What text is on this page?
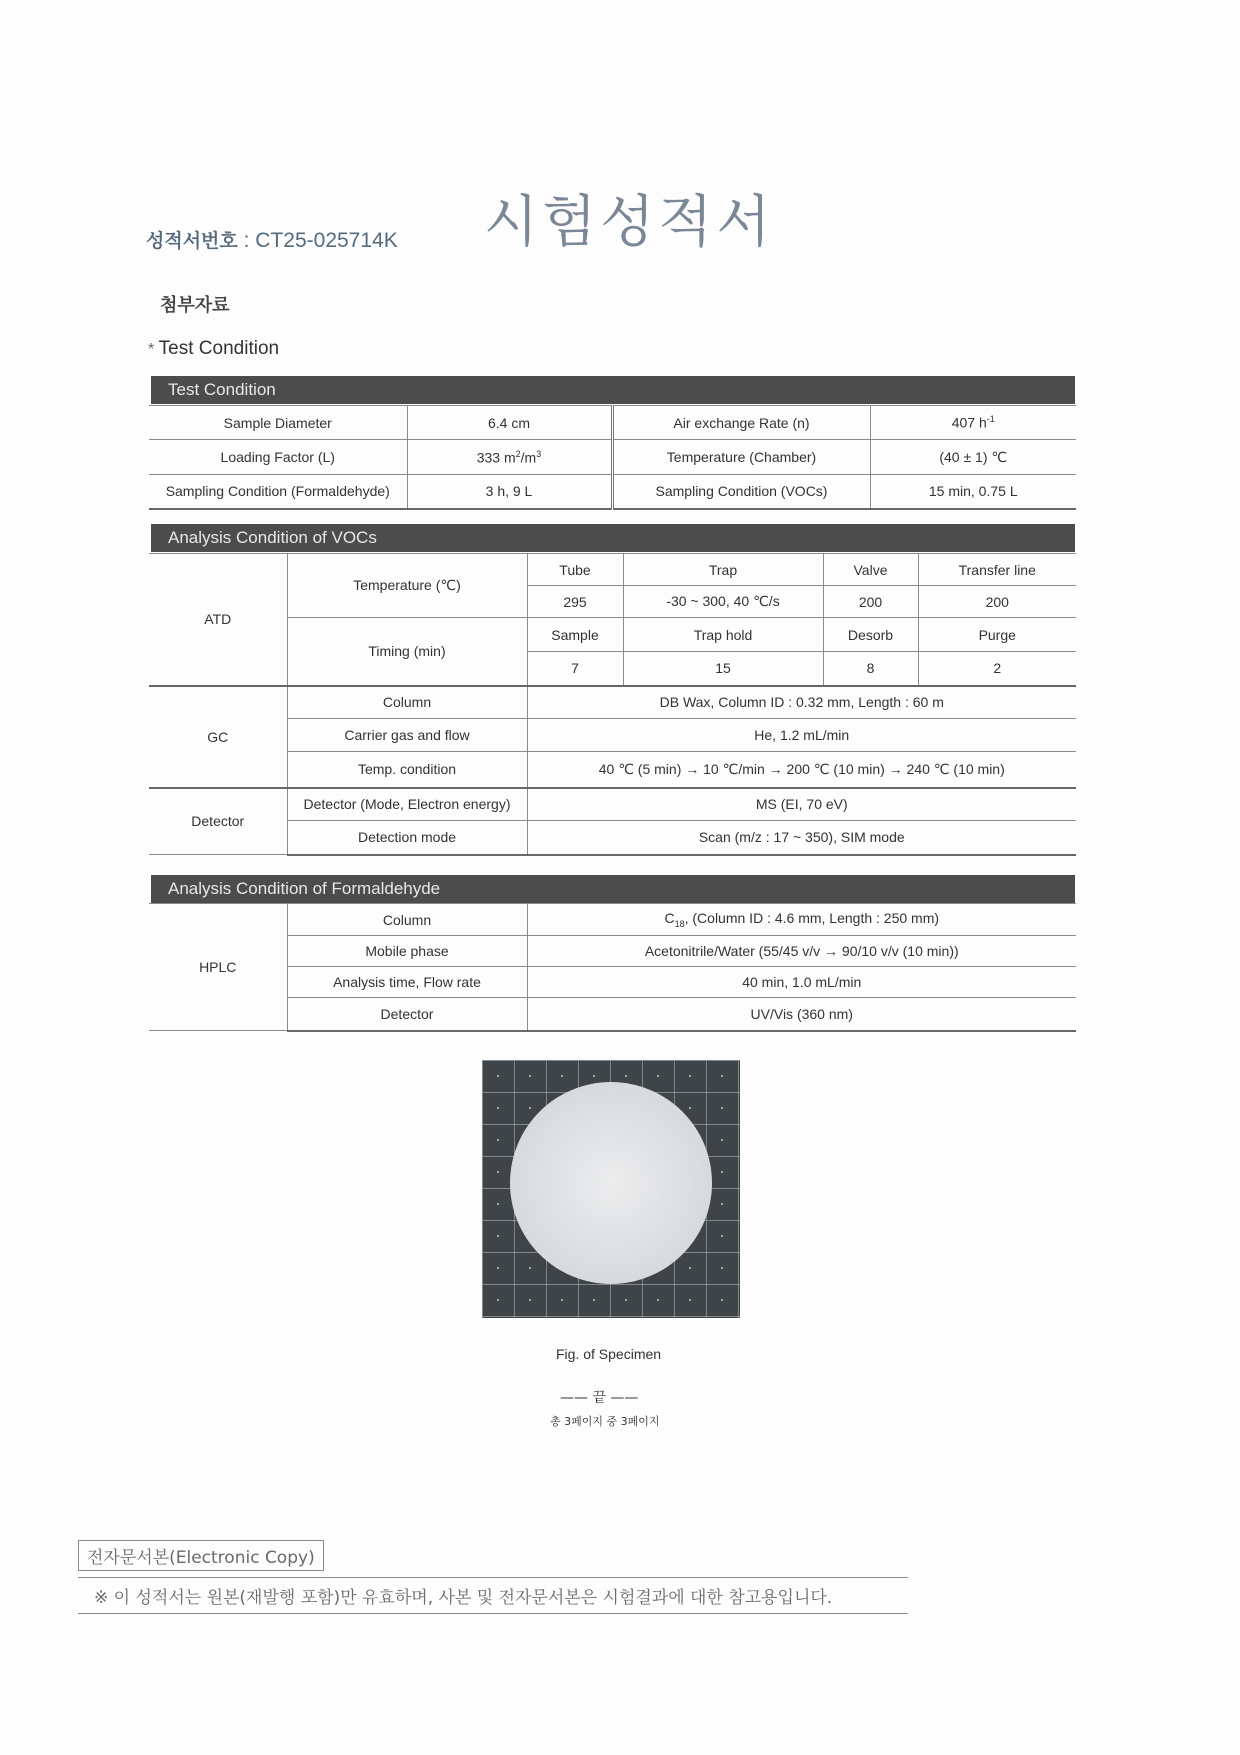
성적서번호 : CT25-025714K 시험성적서
첨부자료
* Test Condition
Test Condition
Sample Diameter	6.4 cm	Air exchange Rate (n)	407 $h^{-1}$
Loading Factor (L)	333 $m^2/m^3$	Temperature (Chamber)	(40 ± 1) ℃
Sampling Condition (Formaldehyde)	3 h, 9 L	Sampling Condition (VOCs)	15 min, 0.75 L
Analysis Condition of VOCs
ATD	Temperature (℃)	Tube	Trap	Valve	Transfer line
		295	-30 ~ 300, 40 ℃/s	200	200
	Timing (min)	Sample	Trap hold	Desorb	Purge
		7	15	8	2
GC	Column	DB Wax, Column ID : 0.32 mm, Length : 60 m			
	Carrier gas and flow	He, 1.2 mL/min			
	Temp. condition	40 ℃ (5 min) → 10 ℃/min → 200 ℃ (10 min) → 240 ℃ (10 min)			
Detector	Detector (Mode, Electron energy)	MS (EI, 70 eV)			
	Detection mode	Scan (m/z : 17 ~ 350), SIM mode			
Analysis Condition of Formaldehyde
HPLC	Column	$C_{18}$, (Column ID : 4.6 mm, Length : 250 mm)
	Mobile phase	Acetonitrile/Water (55/45 v/v → 90/10 v/v (10 min))
	Analysis time, Flow rate	40 min, 1.0 mL/min
	Detector	UV/Vis (360 nm)
Fig. of Specimen
—— 끝 ——
총 3페이지 중 3페이지
전자문서본(Electronic Copy)
※ 이 성적서는 원본(재발행 포함)만 유효하며, 사본 및 전자문서본은 시험결과에 대한 참고용입니다.
